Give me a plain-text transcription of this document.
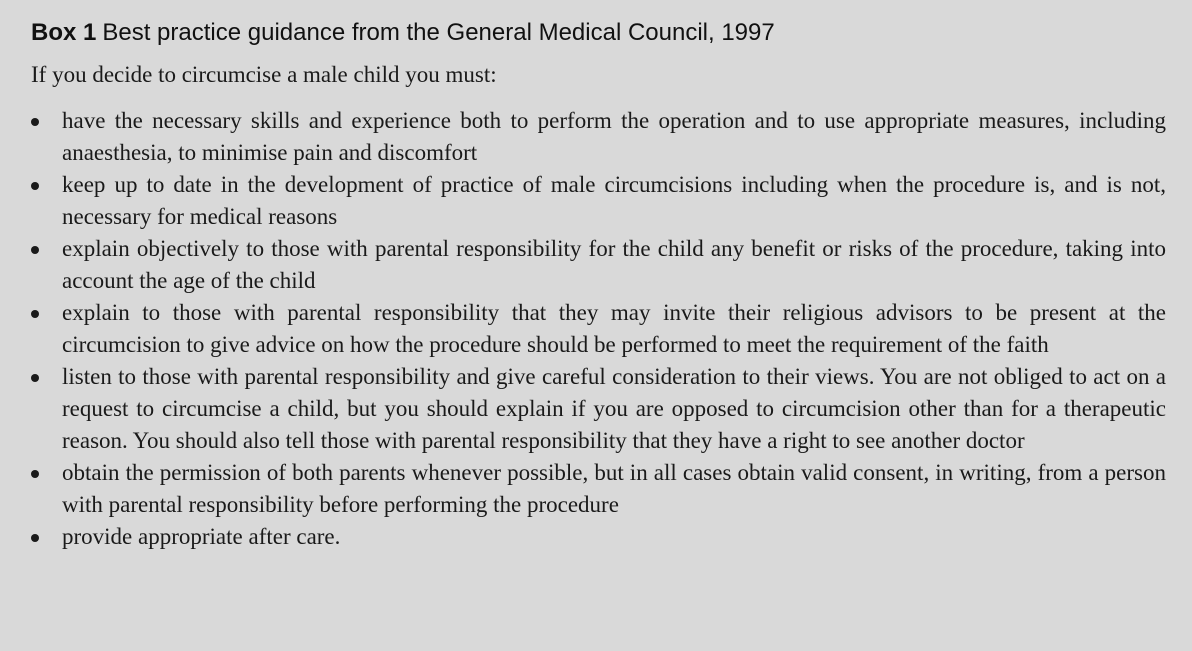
Box 1 Best practice guidance from the General Medical Council, 1997

If you decide to circumcise a male child you must:

have the necessary skills and experience both to perform the operation and to use appropriate measures, including anaesthesia, to minimise pain and discomfort
keep up to date in the development of practice of male circumcisions including when the procedure is, and is not, necessary for medical reasons
explain objectively to those with parental responsibility for the child any benefit or risks of the procedure, taking into account the age of the child
explain to those with parental responsibility that they may invite their religious advisors to be present at the circumcision to give advice on how the procedure should be performed to meet the requirement of the faith
listen to those with parental responsibility and give careful consideration to their views. You are not obliged to act on a request to circumcise a child, but you should explain if you are opposed to circumcision other than for a therapeutic reason. You should also tell those with parental responsibility that they have a right to see another doctor
obtain the permission of both parents whenever possible, but in all cases obtain valid consent, in writing, from a person with parental responsibility before performing the procedure
provide appropriate after care.
